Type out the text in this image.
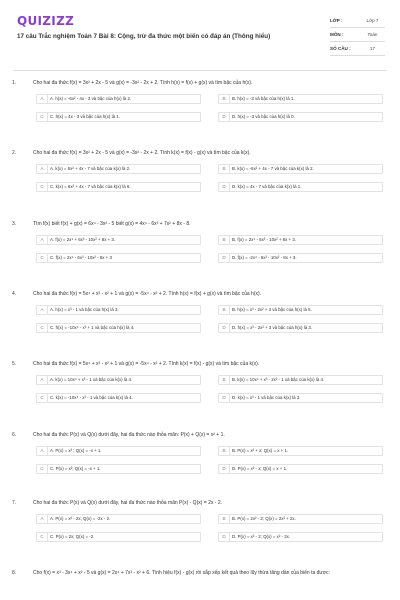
QUIZIZZ
17 câu Trắc nghiệm Toán 7 Bài 8: Cộng, trừ đa thức một biến có đáp án (Thông hiểu)
LỚP :	Lớp 7
MÔN :	Toán
SỐ CÂU :	17
1.	Cho hai đa thức f(x) = 3x² + 2x - 5 và g(x) = -3x² - 2x + 2. Tính h(x) = f(x) + g(x) và tìm bậc của h(x).
A	A. h(x) = -6x² - 4x - 3 và bậc của h(x) là 2.	B	B. h(x) = -3 và bậc của h(x) là 1.
C	C. h(x) = 4x - 3 và bậc của h(x) là 1.	D	D. h(x) = -3 và bậc của h(x) là 0.
2.	Cho hai đa thức f(x) = 3x² + 2x - 5 và g(x) = -3x² - 2x + 2. Tính k(x) = f(x) - g(x) và tìm bậc của k(x).
A	A. k(x) = 6x² + 4x - 7 và bậc của k(x) là 2.	B	B. k(x) = -6x² + 4x - 7 và bậc của k(x) là 2.
C	C. k(x) = 6x² + 4x - 7 và bậc của k(x) là 6.	D	D. k(x) = 4x - 7 và bậc của k(x) là 1.
3.	Tìm f(x) biết f(x) + g(x) = 6x⁴ - 3x² - 5 biết g(x) = 4x⁴ - 6x³ + 7x² + 8x - 8.
A	A. f(x) = 2x⁴ + 6x³ - 10x² + 8x + 3.	B	B. f(x) = 2x⁴ - 6x³ - 10x² + 8x + 3.
C	C. f(x) = 2x⁴ - 6x³ - 10x² - 8x + 3	D	D. f(x) = -2x⁴ - 6x³ - 10x² - 8x + 3.
4.	Cho hai đa thức f(x) = 5x⁴ + x³ - x² + 1 và g(x) = -5x⁴ - x² + 2. Tính h(x) = f(x) + g(x) và tìm bậc của h(x).
A	A. h(x) = x³ - 1 và bậc của h(x) là 3.	B	B. h(x) = x³ - 2x² + 3 và bậc của h(x) là 5.
C	C. h(x) = -10x⁴ - x³ + 1 và bậc của h(x) là 4.	D	D. h(x) = x³ - 2x² + 3 và bậc của h(x) là 3.
5.	Cho hai đa thức f(x) = 5x⁴ + x³ - x² + 1 và g(x) = -5x⁴ - x² + 2. Tính k(x) = f(x) - g(x) và tìm bậc của k(x).
A	A. k(x) = 10x⁴ + x³ - 1 và bậc của k(x) là 4.	B	B. k(x) = 10x⁴ + x³ - 2x² - 1 và bậc của k(x) là 4.
C	C. k(x) = -10x⁴ - x³ - 1 và bậc của k(x) là 4.	D	D. k(x) = x³ - 1 và bậc của k(x) là 3.
6.	Cho hai đa thức P(x) và Q(x) dưới đây, hai đa thức nào thỏa mãn: P(x) + Q(x) = x² + 1.
A	A. P(x) = x² ; Q(x) = -x + 1.	B	B. P(x) = x² + x; Q(x) = x + 1.
C	C. P(x) = x²; Q(x) = -x + 1.	D	D. P(x) = x² - x; Q(x) = x + 1.
7.	Cho hai đa thức P(x) và Q(x) dưới đây, hai đa thức nào thỏa mãn P(x) - Q(x) = 2x - 2.
A	A. P(x) = x² - 2x; Q(x) = -2x - 2.	B	B. P(x) = 2x² - 2; Q(x) = 2x² + 2x.
C	C. P(x) = 2x; Q(x) = -2.	D	D. P(x) = x² - 2; Q(x) = x² - 2x.
8.	Cho f(x) = x³ - 3x⁴ + x² - 5 và g(x) = 2x⁴ + 7x³ - x² + 6. Tính hiệu f(x) - g(x) rồi sắp xếp kết quả theo lũy thừa tăng dần của biến ta được:
